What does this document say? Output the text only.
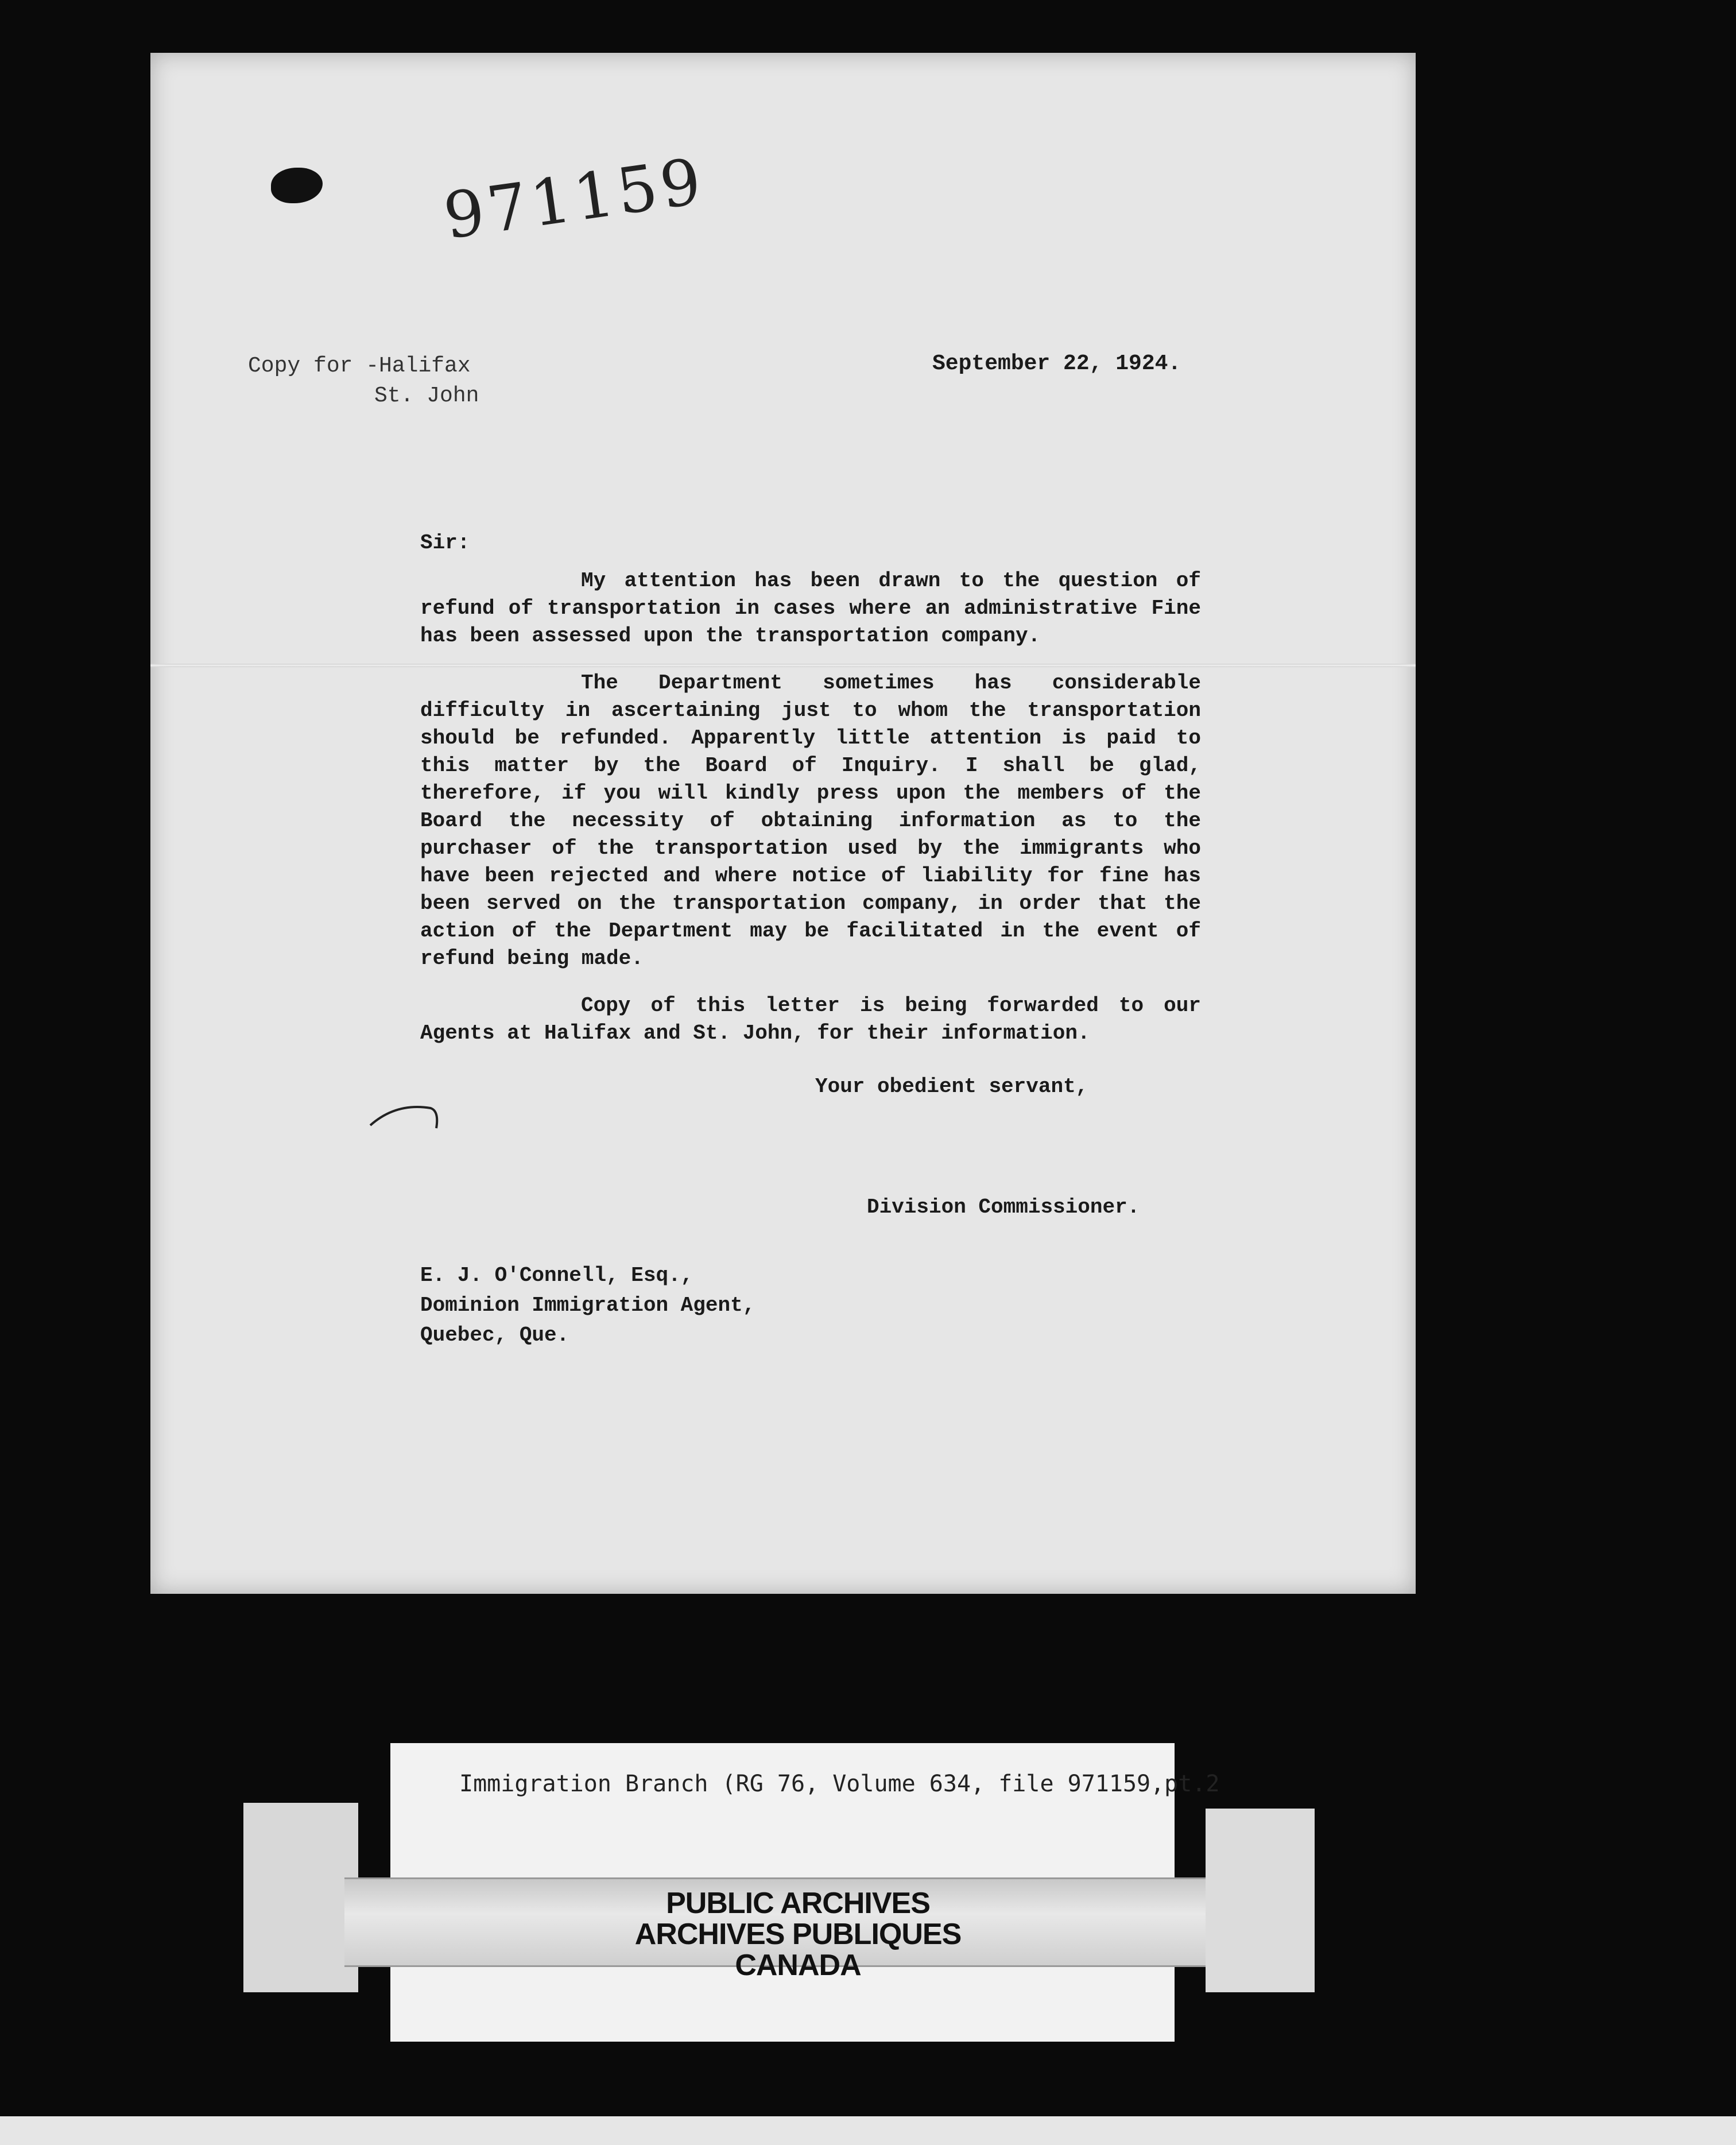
971159
Copy for -Halifax
St. John
September 22, 1924.
Sir:

My attention has been drawn to the question of refund of transportation in cases where an administrative Fine has been assessed upon the transportation company.

The Department sometimes has considerable difficulty in ascertaining just to whom the transportation should be refunded. Apparently little attention is paid to this matter by the Board of Inquiry. I shall be glad, therefore, if you will kindly press upon the members of the Board the necessity of obtaining information as to the purchaser of the transportation used by the immigrants who have been rejected and where notice of liability for fine has been served on the transportation company, in order that the action of the Department may be facilitated in the event of refund being made.

Copy of this letter is being forwarded to our Agents at Halifax and St. John, for their information.

Your obedient servant,
Division Commissioner.
E. J. O'Connell, Esq.,
Dominion Immigration Agent,
Quebec, Que.
Immigration Branch (RG 76, Volume 634, file 971159,pt.2
PUBLIC ARCHIVES
ARCHIVES PUBLIQUES
CANADA
